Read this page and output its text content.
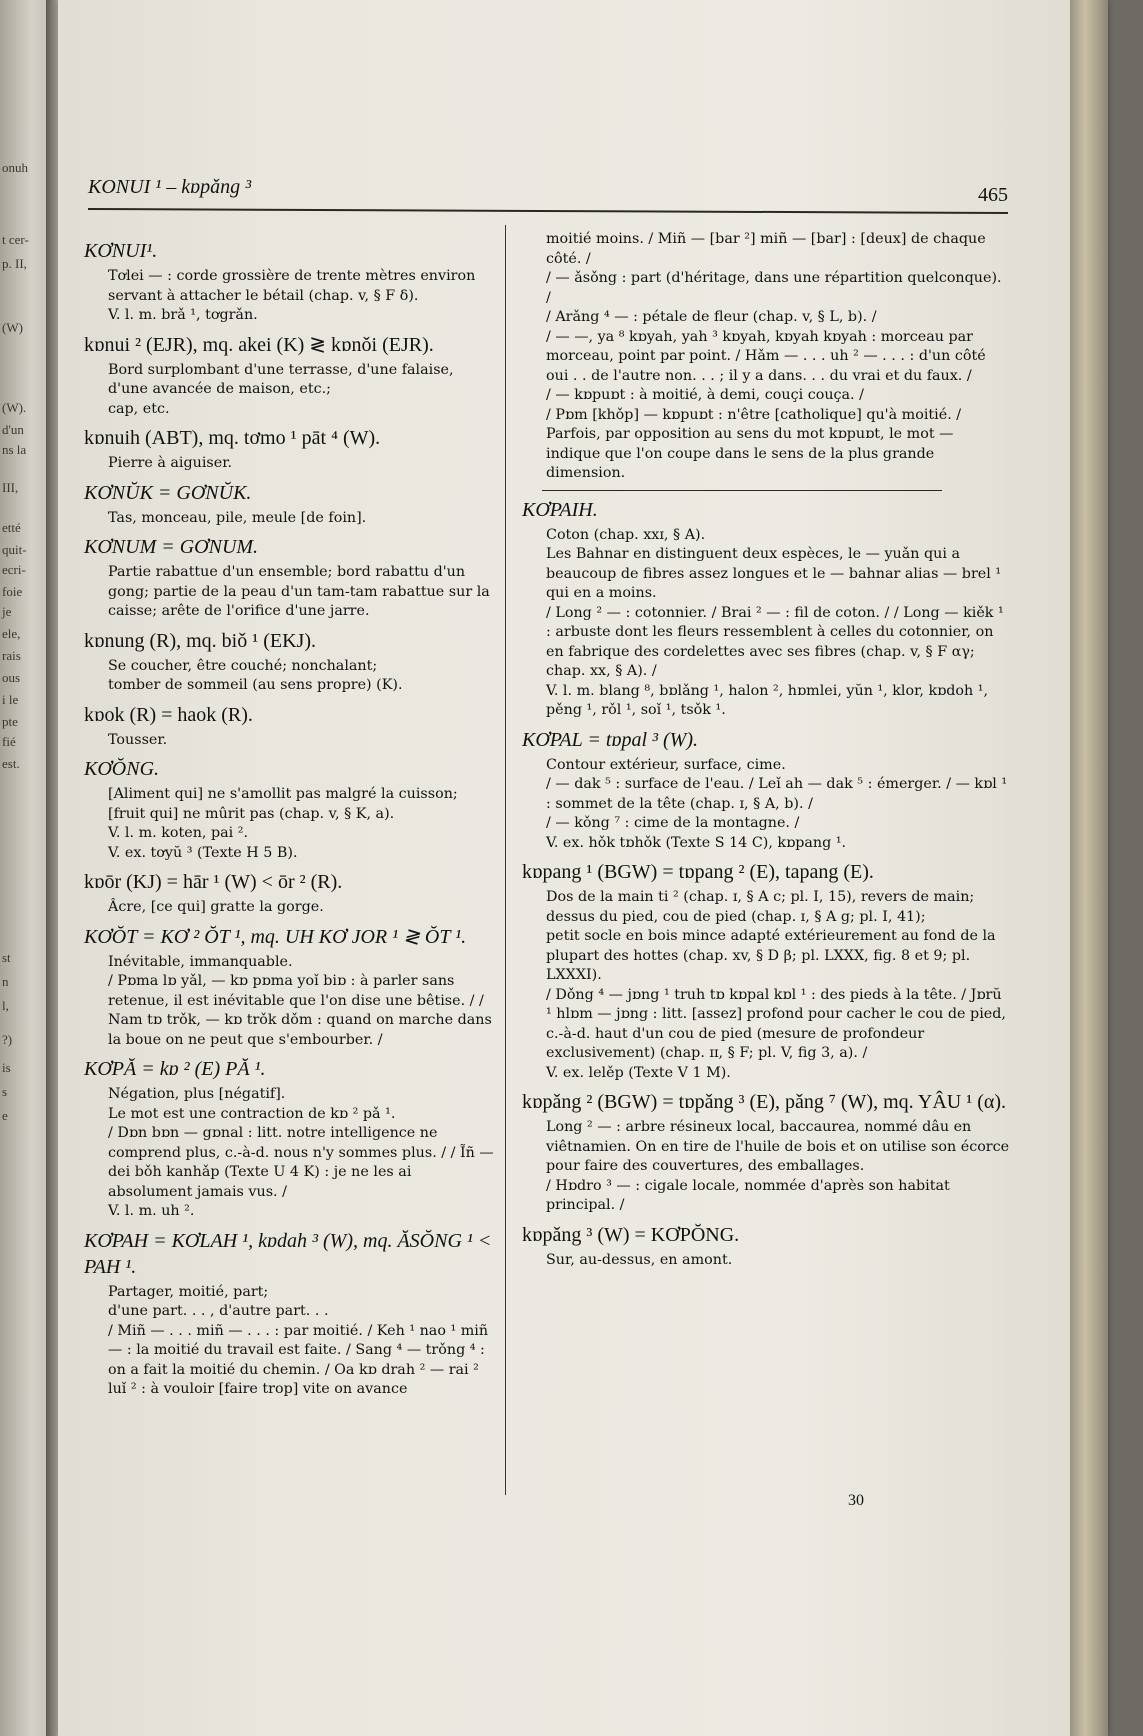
onuh
t cer-
p. II,
(W)
(W).
d'un
ns la
III,
etté
quit-
ecri-
foie
je
ele,
rais
ous
i le
pte
fié
est.
st
n
l,
?)
is
s
e
KONUI ¹ – kɒpǎng ³	465
KƠNUI¹.
Tơlei — : corde grossière de trente mètres environ servant à attacher le bétail (chap. v, § F δ).
V. l. m. brǎ ¹, tơgrǎn.
kɒnui ² (EJR), mq. akei (K) ≷ kɒnǒi (EJR).
Bord surplombant d'une terrasse, d'une falaise, d'une avancée de maison, etc.;
cap, etc.
kɒnuih (ABT), mq. tơmo ¹ pāt ⁴ (W).
Pierre à aiguiser.
KƠNŬK = GƠNŬK.
Tas, monceau, pile, meule [de foin].
KƠNUM = GƠNUM.
Partie rabattue d'un ensemble; bord rabattu d'un gong; partie de la peau d'un tam-tam rabattue sur la caisse; arête de l'orifice d'une jarre.
kɒnung (R), mq. biǒ ¹ (EKJ).
Se coucher, être couché; nonchalant;
tomber de sommeil (au sens propre) (K).
kɒok (R) = haok (R).
Tousser.
KƠŎNG.
[Aliment qui] ne s'amollit pas malgré la cuisson; [fruit qui] ne mûrit pas (chap. v, § K, a).
V. l. m. koten, pai ².
V. ex. tơyŭ ³ (Texte H 5 B).
kɒōr (KJ) = hār ¹ (W) < ōr ² (R).
Âcre, [ce qui] gratte la gorge.
KƠŎT = KƠ ² ŎT ¹, mq. UH KƠ JOR ¹ ≷ ŎT ¹.
Inévitable, immanquable.
/ Pɒma lɒ yǎl, — kɒ pɒma yoǐ biɒ : à parler sans retenue, il est inévitable que l'on dise une bêtise. / / Nam tɒ trǒk, — kɒ trǒk dǒm : quand on marche dans la boue on ne peut que s'embourber. /
KƠPĂ = kɒ ² (E) PĂ ¹.
Négation, plus [négatif].
Le mot est une contraction de kɒ ² pǎ ¹.
/ Dɒn bɒn — gɒnal : litt. notre intelligence ne comprend plus, c.-à-d. nous n'y sommes plus. / / Ĩñ — dei bǒh kanhǎp (Texte U 4 K) : je ne les ai absolument jamais vus. /
V. l. m. uh ².
KƠPAH = KƠLAH ¹, kɒdah ³ (W), mq. ĂSŎNG ¹ < PAH ¹.
Partager, moitié, part;
d'une part. . . , d'autre part. . .
/ Miñ — . . . miñ — . . . : par moitié. / Keh ¹ nao ¹ miñ — : la moitié du travail est faite. / Sang ⁴ — trǒng ⁴ : on a fait la moitié du chemin. / Oa kɒ drah ² — rai ² luǐ ² : à vouloir [faire trop] vite on avance
moitié moins. / Miñ — [bar ²] miñ — [bar] : [deux] de chaque côté. /
/ — ǎsǒng : part (d'héritage, dans une répartition quelconque). /
/ Arǎng ⁴ — : pétale de fleur (chap. v, § L, b). /
/ — —, ya ⁸ kɒyah, yah ³ kɒyah, kɒyah kɒyah : morceau par morceau, point par point. / Hǎm — . . . uh ² — . . . : d'un côté oui . . de l'autre non. . . ; il y a dans. . . du vrai et du faux. /
/ — kɒpuɒt : à moitié, à demi, couçi couça. /
/ Pɒm [khǒp] — kɒpuɒt : n'être [catholique] qu'à moitié. /
Parfois, par opposition au sens du mot kɒpuɒt, le mot — indique que l'on coupe dans le sens de la plus grande dimension.
KƠPAIH.
Coton (chap. xxɪ, § A).
Les Bahnar en distinguent deux espèces, le — yuǎn qui a beaucoup de fibres assez longues et le — bahnar alias — brel ¹ qui en a moins.
/ Long ² — : cotonnier. / Brai ² — : fil de coton. / / Long — kiěk ¹ : arbuste dont les fleurs ressemblent à celles du cotonnier, on en fabrique des cordelettes avec ses fibres (chap. v, § F αγ; chap. xx, § A). /
V. l. m. blang ⁸, bɒlǎng ¹, halon ², hɒmlei, yŭn ¹, klor, kɒdoh ¹, pěng ¹, rǒl ¹, soǐ ¹, tsǒk ¹.
KƠPAL = tɒpal ³ (W).
Contour extérieur, surface, cime.
/ — dak ⁵ : surface de l'eau. / Leǐ ah — dak ⁵ : émerger. / — kɒl ¹ : sommet de la tête (chap. ɪ, § A, b). /
/ — kǒng ⁷ : cime de la montagne. /
V. ex. hǒk tɒhǒk (Texte S 14 C), kɒpang ¹.
kɒpang ¹ (BGW) = tɒpang ² (E), tapang (E).
Dos de la main ti ² (chap. ɪ, § A c; pl. I, 15), revers de main; dessus du pied, cou de pied (chap. ɪ, § A g; pl. I, 41);
petit socle en bois mince adapté extérieurement au fond de la plupart des hottes (chap. xv, § D β; pl. LXXX, fig. 8 et 9; pl. LXXXI).
/ Dǒng ⁴ — jɒng ¹ truh tɒ kɒpal kɒl ¹ : des pieds à la tête. / Jɒrŭ ¹ hlɒm — jɒng : litt. [assez] profond pour cacher le cou de pied, c.-à-d. haut d'un cou de pied (mesure de profondeur exclusivement) (chap. ɪɪ, § F; pl. V, fig 3, a). /
V. ex. lelěp (Texte V 1 M).
kɒpǎng ² (BGW) = tɒpǎng ³ (E), pǎng ⁷ (W), mq. YÂU ¹ (α).
Long ² — : arbre résineux local, baccaurea, nommé dâu en viêtnamien. On en tire de l'huile de bois et on utilise son écorce pour faire des couvertures, des emballages.
/ Hɒdro ³ — : cigale locale, nommée d'après son habitat principal. /
kɒpǎng ³ (W) = KƠPŎNG.
Sur, au-dessus, en amont.
30
